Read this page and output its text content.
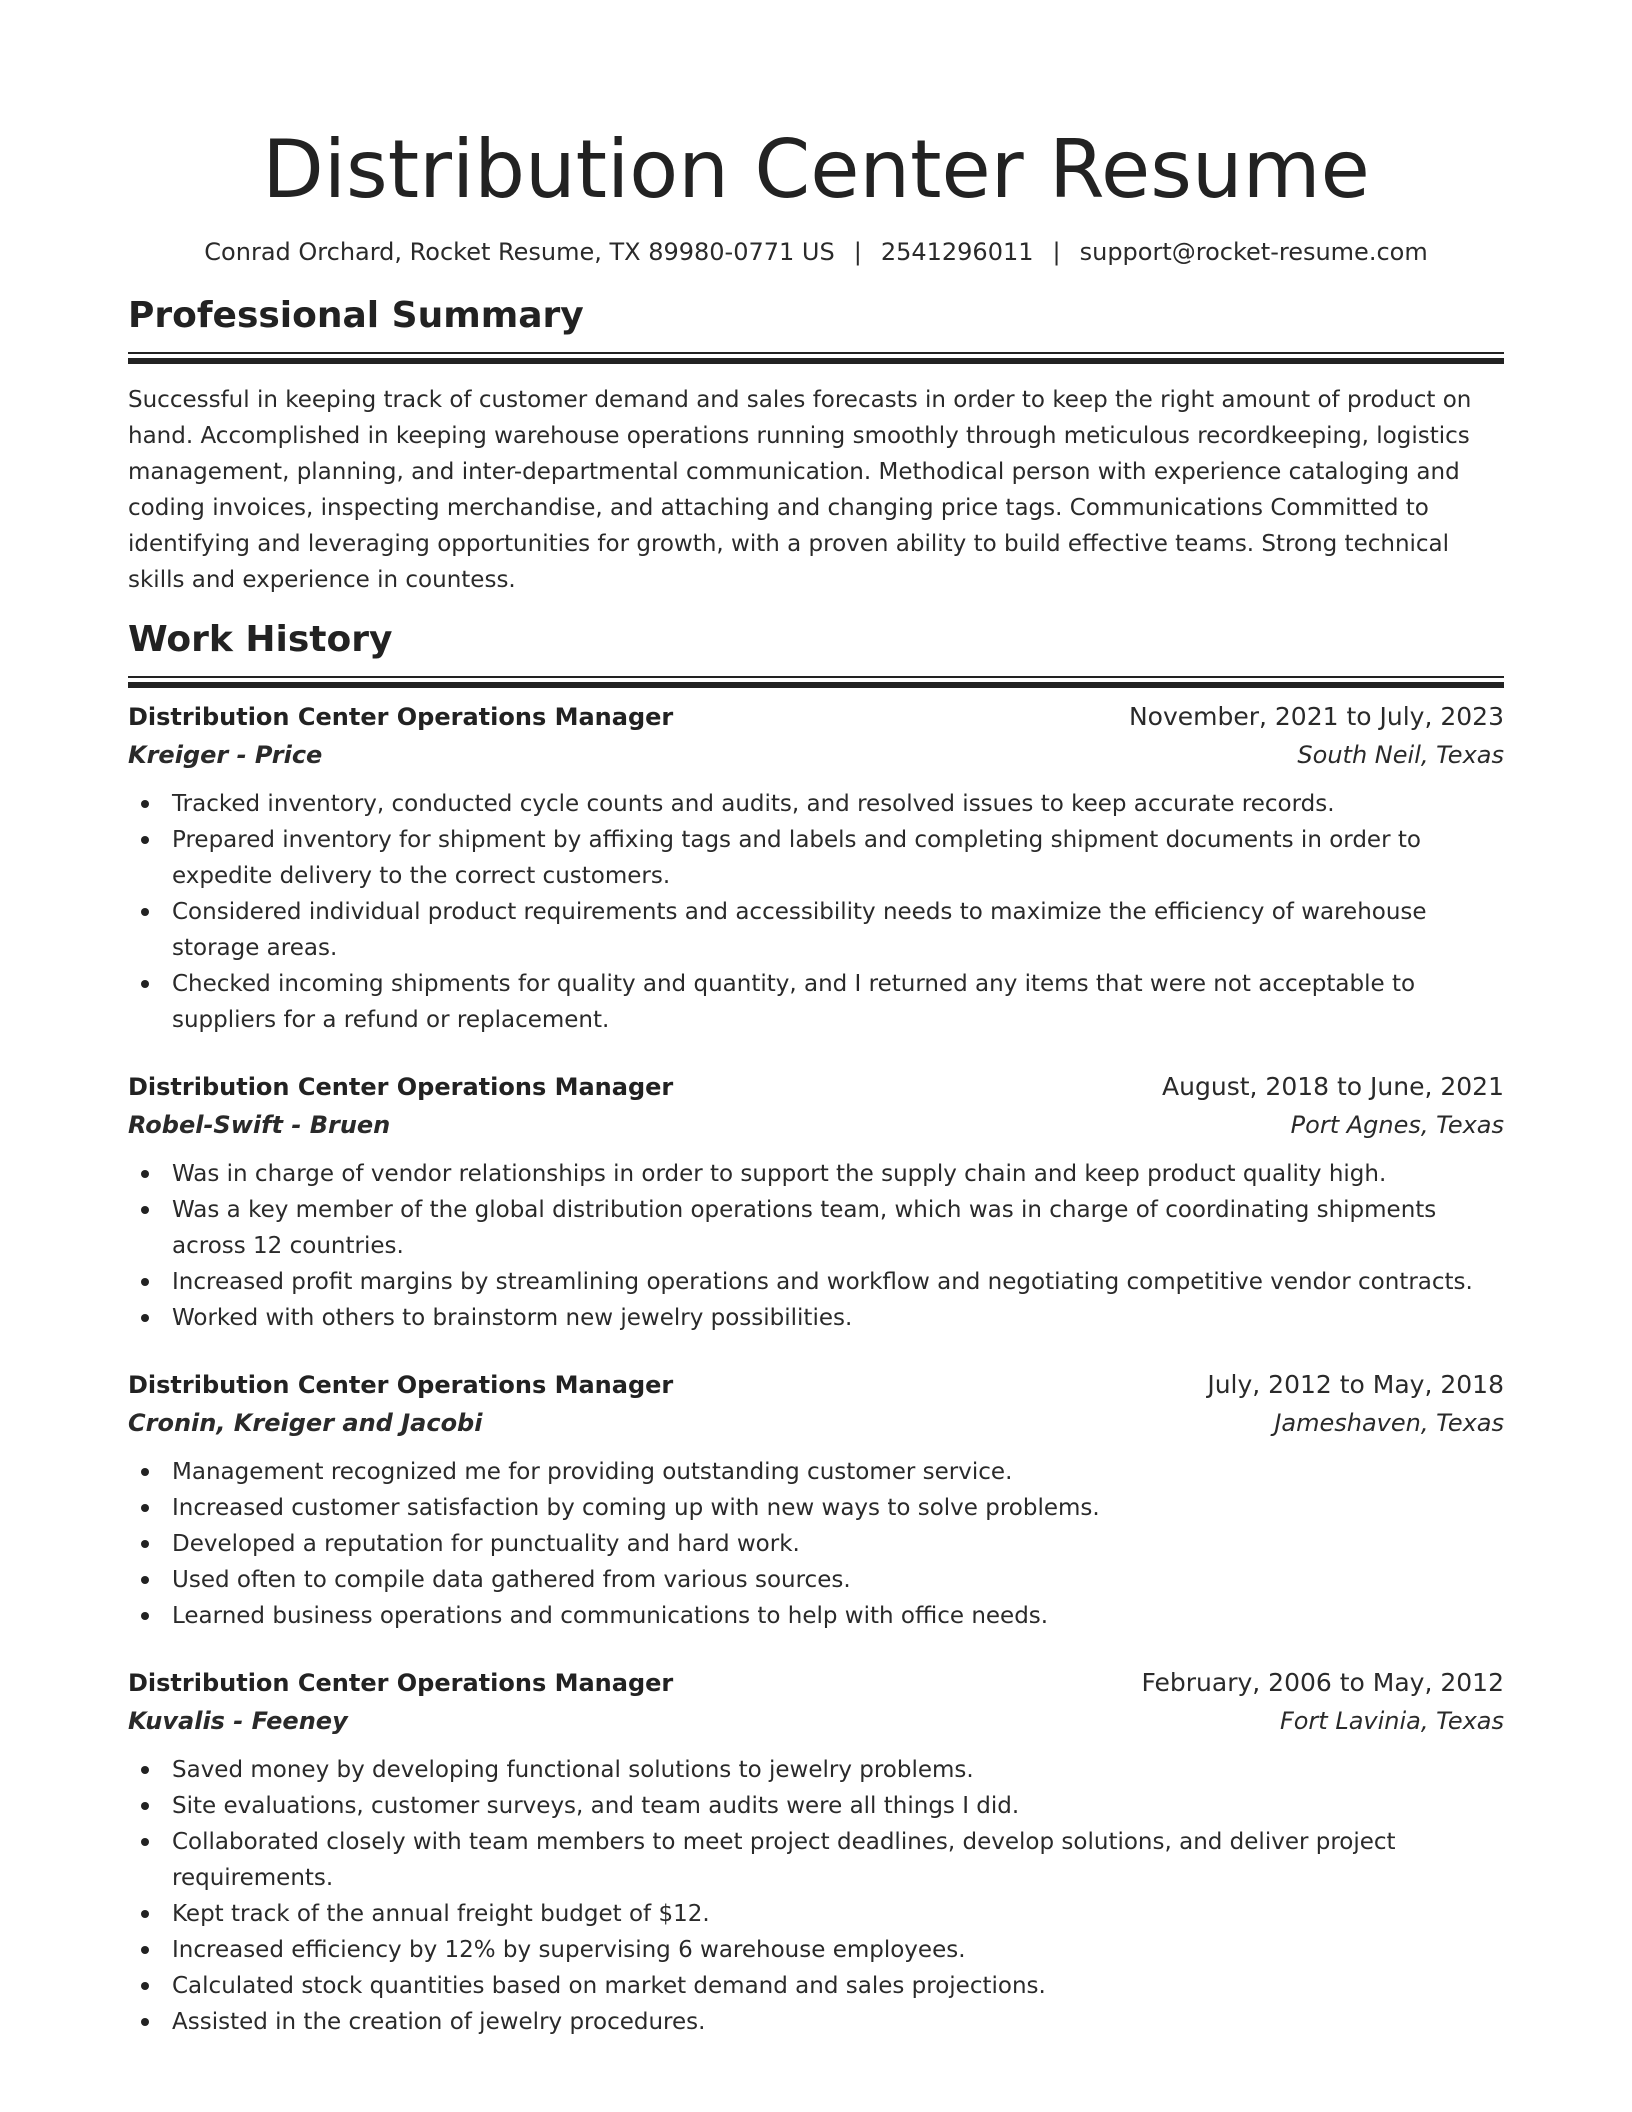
Distribution Center Resume
Conrad Orchard, Rocket Resume, TX 89980-0771 US | 2541296011 | support@rocket-resume.com
Professional Summary

Successful in keeping track of customer demand and sales forecasts in order to keep the right amount of product on hand. Accomplished in keeping warehouse operations running smoothly through meticulous recordkeeping, logistics management, planning, and inter-departmental communication. Methodical person with experience cataloging and coding invoices, inspecting merchandise, and attaching and changing price tags. Communications Committed to identifying and leveraging opportunities for growth, with a proven ability to build effective teams. Strong technical skills and experience in countess.

Work History
Distribution Center Operations Manager	November, 2021 to July, 2023
Kreiger - Price	South Neil, Texas
Tracked inventory, conducted cycle counts and audits, and resolved issues to keep accurate records.
Prepared inventory for shipment by affixing tags and labels and completing shipment documents in order to expedite delivery to the correct customers.
Considered individual product requirements and accessibility needs to maximize the efficiency of warehouse storage areas.
Checked incoming shipments for quality and quantity, and I returned any items that were not acceptable to suppliers for a refund or replacement.
Distribution Center Operations Manager	August, 2018 to June, 2021
Robel-Swift - Bruen	Port Agnes, Texas
Was in charge of vendor relationships in order to support the supply chain and keep product quality high.
Was a key member of the global distribution operations team, which was in charge of coordinating shipments across 12 countries.
Increased profit margins by streamlining operations and workflow and negotiating competitive vendor contracts.
Worked with others to brainstorm new jewelry possibilities.
Distribution Center Operations Manager	July, 2012 to May, 2018
Cronin, Kreiger and Jacobi	Jameshaven, Texas
Management recognized me for providing outstanding customer service.
Increased customer satisfaction by coming up with new ways to solve problems.
Developed a reputation for punctuality and hard work.
Used often to compile data gathered from various sources.
Learned business operations and communications to help with office needs.
Distribution Center Operations Manager	February, 2006 to May, 2012
Kuvalis - Feeney	Fort Lavinia, Texas
Saved money by developing functional solutions to jewelry problems.
Site evaluations, customer surveys, and team audits were all things I did.
Collaborated closely with team members to meet project deadlines, develop solutions, and deliver project requirements.
Kept track of the annual freight budget of $12.
Increased efficiency by 12% by supervising 6 warehouse employees.
Calculated stock quantities based on market demand and sales projections.
Assisted in the creation of jewelry procedures.
